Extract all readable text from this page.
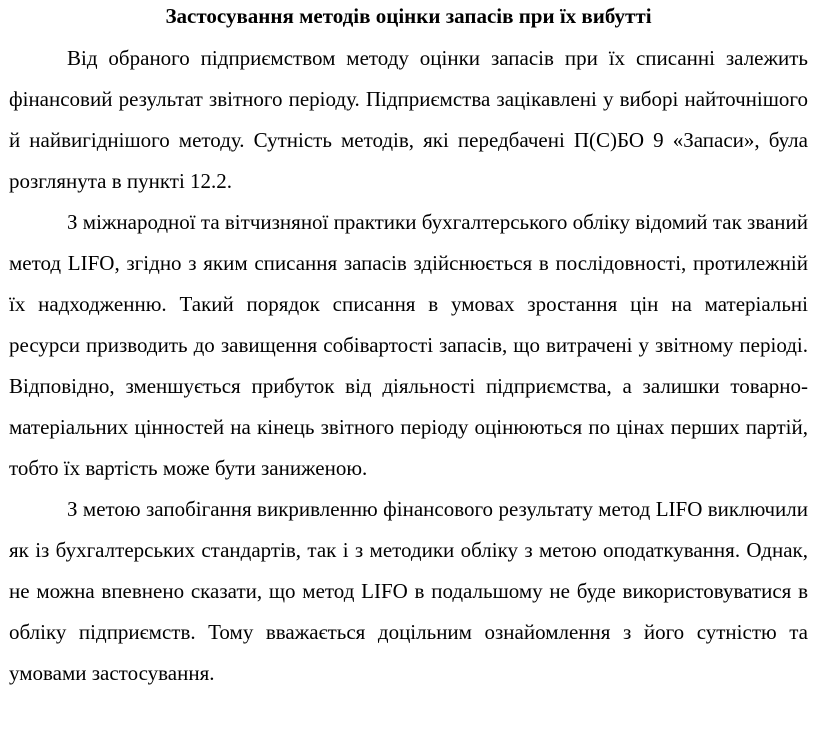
Застосування методів оцінки запасів при їх вибутті

Від обраного підприємством методу оцінки запасів при їх списанні залежить фінансовий результат звітного періоду. Підприємства зацікавлені у виборі найточнішого й найвигіднішого методу. Сутність методів, які передбачені П(С)БО 9 «Запаси», була розглянута в пункті 12.2.

З міжнародної та вітчизняної практики бухгалтерського обліку відомий так званий метод LIFO, згідно з яким списання запасів здійснюється в послідовності, протилежній їх надходженню. Такий порядок списання в умовах зростання цін на матеріальні ресурси призводить до завищення собівартості запасів, що витрачені у звітному періоді. Відповідно, зменшується прибуток від діяльності підприємства, а залишки товарно-матеріальних цінностей на кінець звітного періоду оцінюються по цінах перших партій, тобто їх вартість може бути заниженою.

З метою запобігання викривленню фінансового результату метод LIFO виключили як із бухгалтерських стандартів, так і з методики обліку з метою оподаткування. Однак, не можна впевнено сказати, що метод LIFO в подальшому не буде використовуватися в обліку підприємств. Тому вважається доцільним ознайомлення з його сутністю та умовами застосування.
